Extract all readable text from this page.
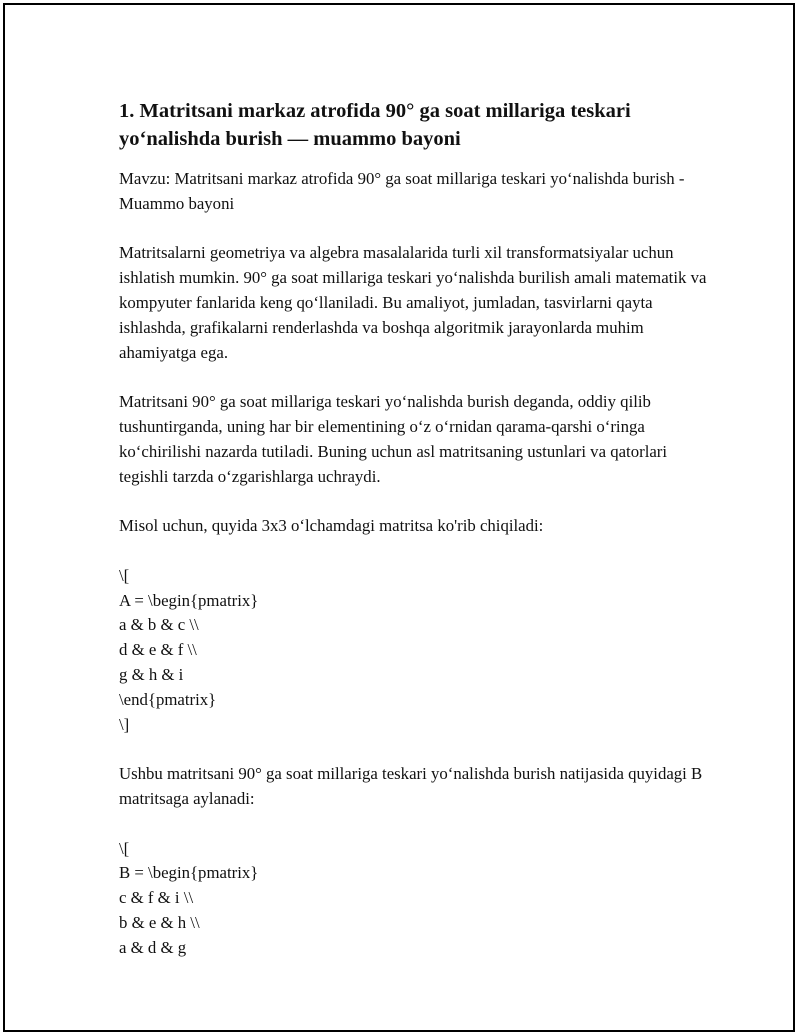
1. Matritsani markaz atrofida 90° ga soat millariga teskari yo‘nalishda burish — muammo bayoni

Mavzu: Matritsani markaz atrofida 90° ga soat millariga teskari yo‘nalishda burish - Muammo bayoni

Matritsalarni geometriya va algebra masalalarida turli xil transformatsiyalar uchun ishlatish mumkin. 90° ga soat millariga teskari yo‘nalishda burilish amali matematik va kompyuter fanlarida keng qo‘llaniladi. Bu amaliyot, jumladan, tasvirlarni qayta ishlashda, grafikalarni renderlashda va boshqa algoritmik jarayonlarda muhim ahamiyatga ega.

Matritsani 90° ga soat millariga teskari yo‘nalishda burish deganda, oddiy qilib tushuntirganda, uning har bir elementining o‘z o‘rnidan qarama-qarshi o‘ringa ko‘chirilishi nazarda tutiladi. Buning uchun asl matritsaning ustunlari va qatorlari tegishli tarzda o‘zgarishlarga uchraydi.

Misol uchun, quyida 3x3 o‘lchamdagi matritsa ko'rib chiqiladi:

\[
A = \begin{pmatrix}
a & b & c \\
d & e & f \\
g & h & i
\end{pmatrix}
\]

Ushbu matritsani 90° ga soat millariga teskari yo‘nalishda burish natijasida quyidagi B matritsaga aylanadi:

\[
B = \begin{pmatrix}
c & f & i \\
b & e & h \\
a & d & g
